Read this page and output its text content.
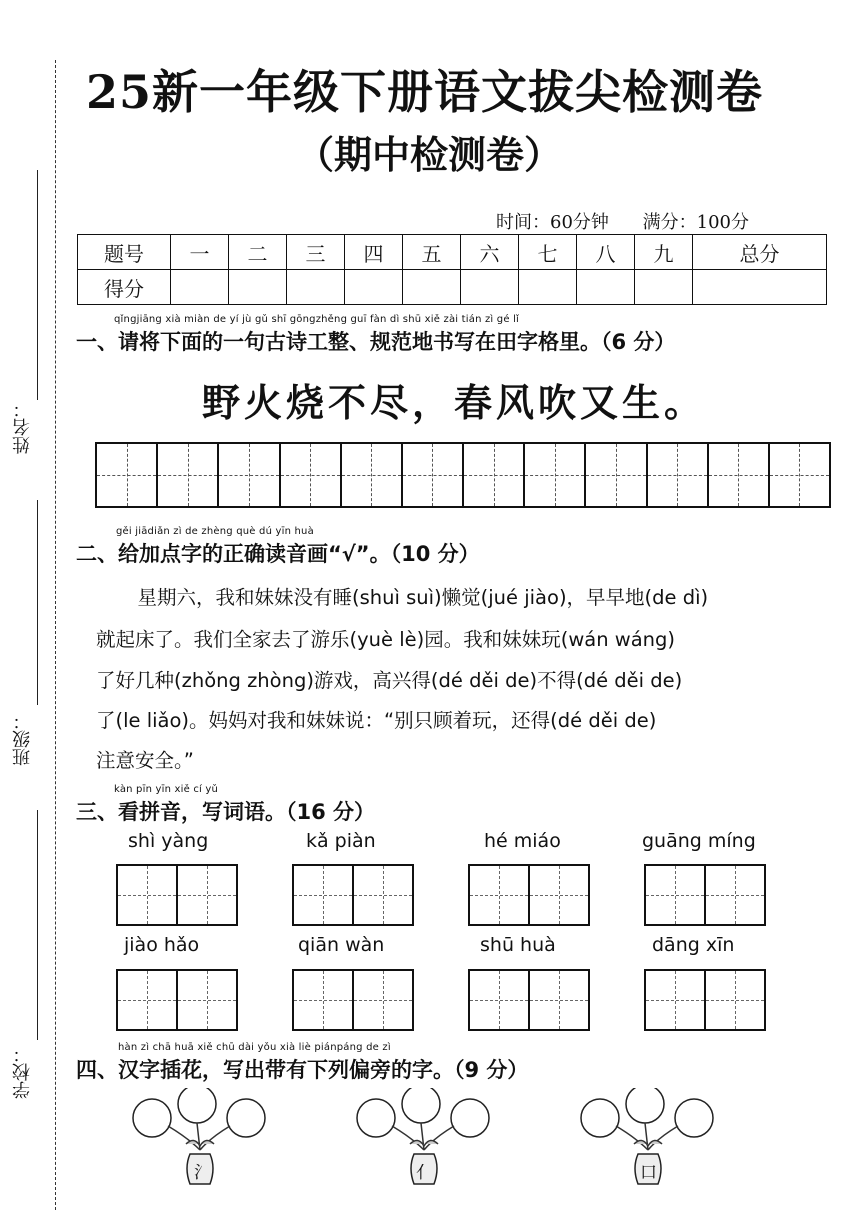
姓名：
班级：
学校：
25新一年级下册语文拔尖检测卷
（期中检测卷）
时间：60分钟 满分：100分
题号	一	二	三	四	五	六	七	八	九	总分
得分										
qǐngjiāng xià miàn de yí jù gǔ shī gōngzhěng guī fàn dì shū xiě zài tián zì gé lǐ
一、请将下面的一句古诗工整、规范地书写在田字格里。（6 分）
野火烧不尽，春风吹又生。
gěi jiādiǎn zì de zhèng què dú yīn huà
二、给加点字的正确读音画“√”。（10 分）
　星期六，我和妹妹没有睡(shuì suì)懒觉(jué jiào)，早早地(de dì)
就起床了。我们全家去了游乐(yuè lè)园。我和妹妹玩(wán wáng)
了好几种(zhǒng zhòng)游戏，高兴得(dé děi de)不得(dé děi de)
了(le liǎo)。妈妈对我和妹妹说：“别只顾着玩，还得(dé děi de)
注意安全。”
kàn pīn yīn xiě cí yǔ
三、看拼音，写词语。（16 分）
shì yàng	kǎ piàn	hé miáo	guāng míng
jiào hǎo	qiān wàn	shū huà	dāng xīn
hàn zì chā huā xiě chū dài yǒu xià liè piánpáng de zì
四、汉字插花，写出带有下列偏旁的字。（9 分）
氵	亻	口
